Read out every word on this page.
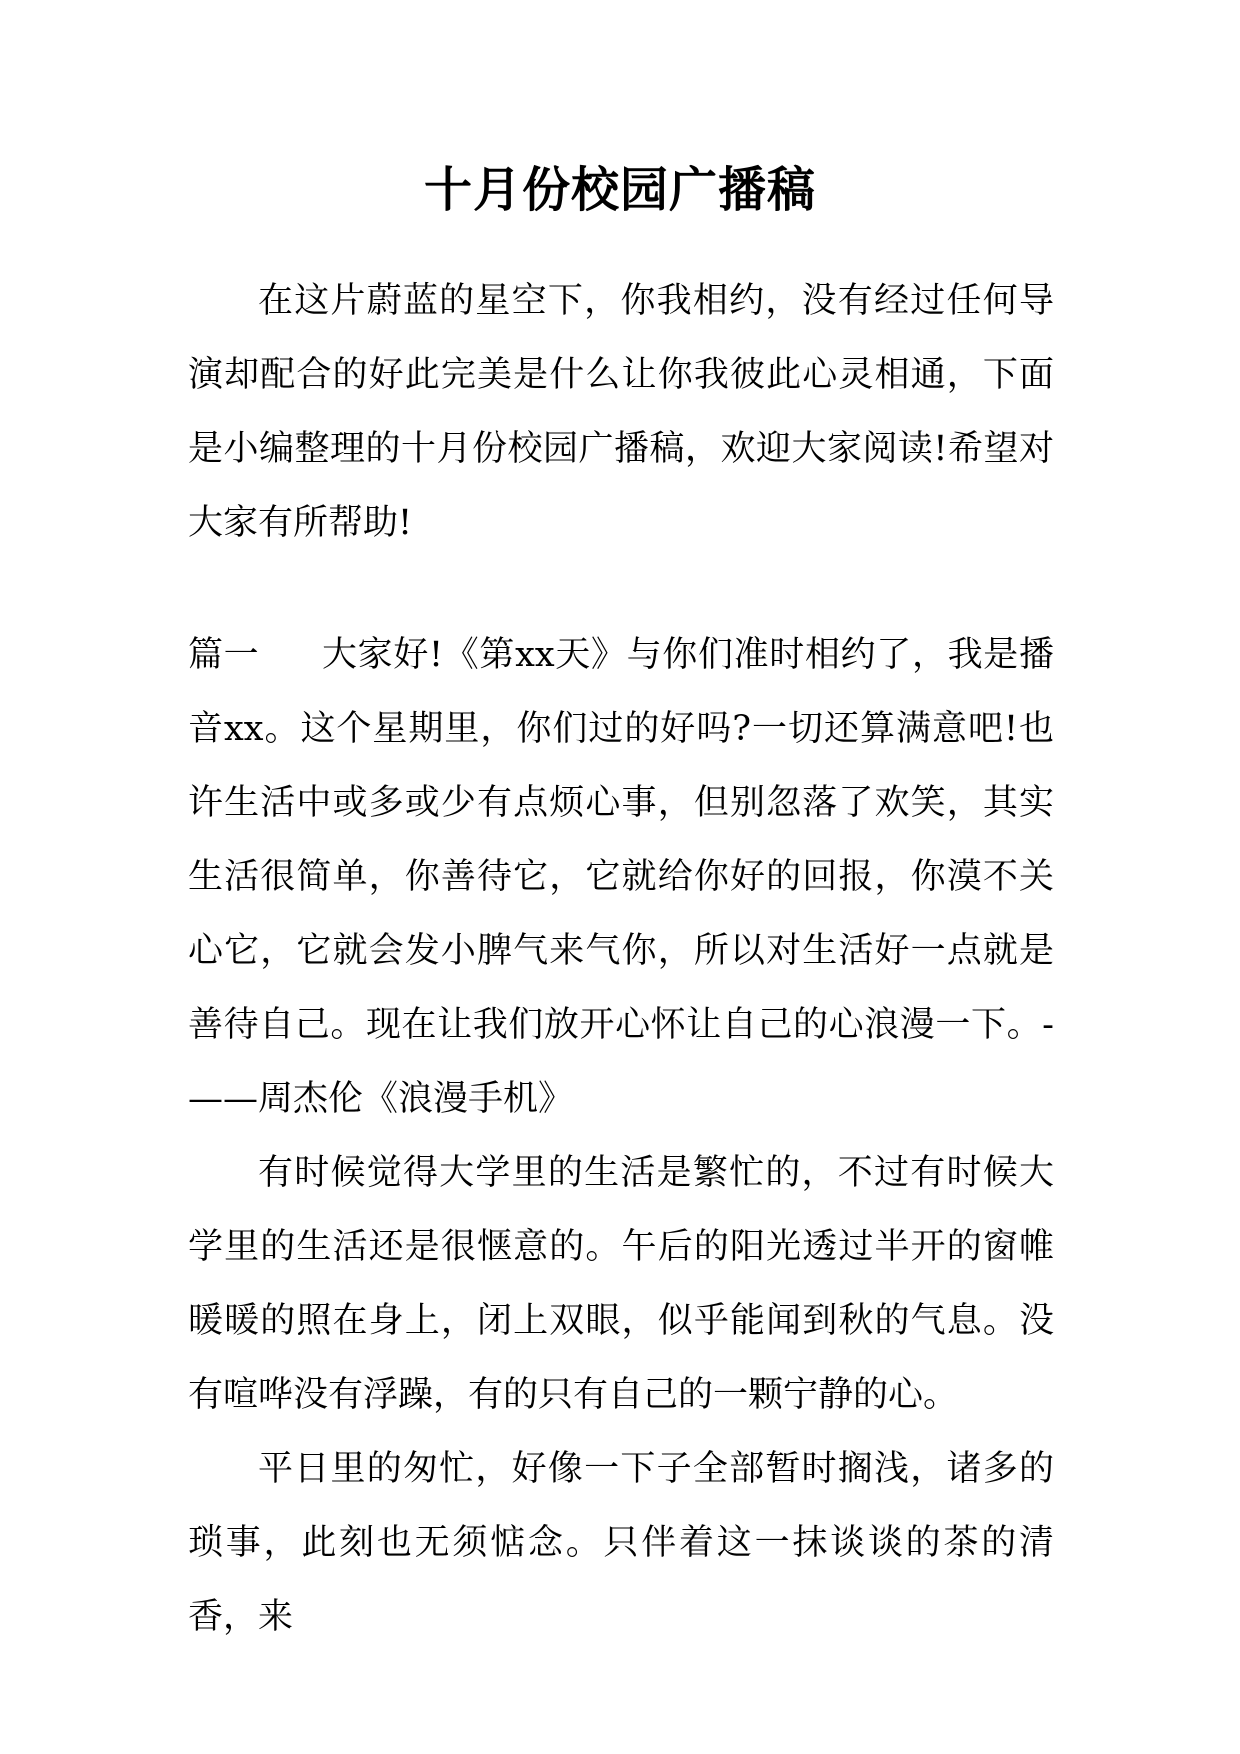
十月份校园广播稿

在这片蔚蓝的星空下，你我相约，没有经过任何导演却配合的好此完美是什么让你我彼此心灵相通，下面是小编整理的十月份校园广播稿，欢迎大家阅读!希望对大家有所帮助!

篇一 大家好!《第xx天》与你们准时相约了，我是播音xx。这个星期里，你们过的好吗?一切还算满意吧!也许生活中或多或少有点烦心事，但别忽落了欢笑，其实生活很简单，你善待它，它就给你好的回报，你漠不关心它，它就会发小脾气来气你，所以对生活好一点就是善待自己。现在让我们放开心怀让自己的心浪漫一下。-——周杰伦《浪漫手机》

有时候觉得大学里的生活是繁忙的，不过有时候大学里的生活还是很惬意的。午后的阳光透过半开的窗帷暖暖的照在身上，闭上双眼，似乎能闻到秋的气息。没有喧哗没有浮躁，有的只有自己的一颗宁静的心。

平日里的匆忙，好像一下子全部暂时搁浅，诸多的琐事，此刻也无须惦念。只伴着这一抹谈谈的茶的清香，来
